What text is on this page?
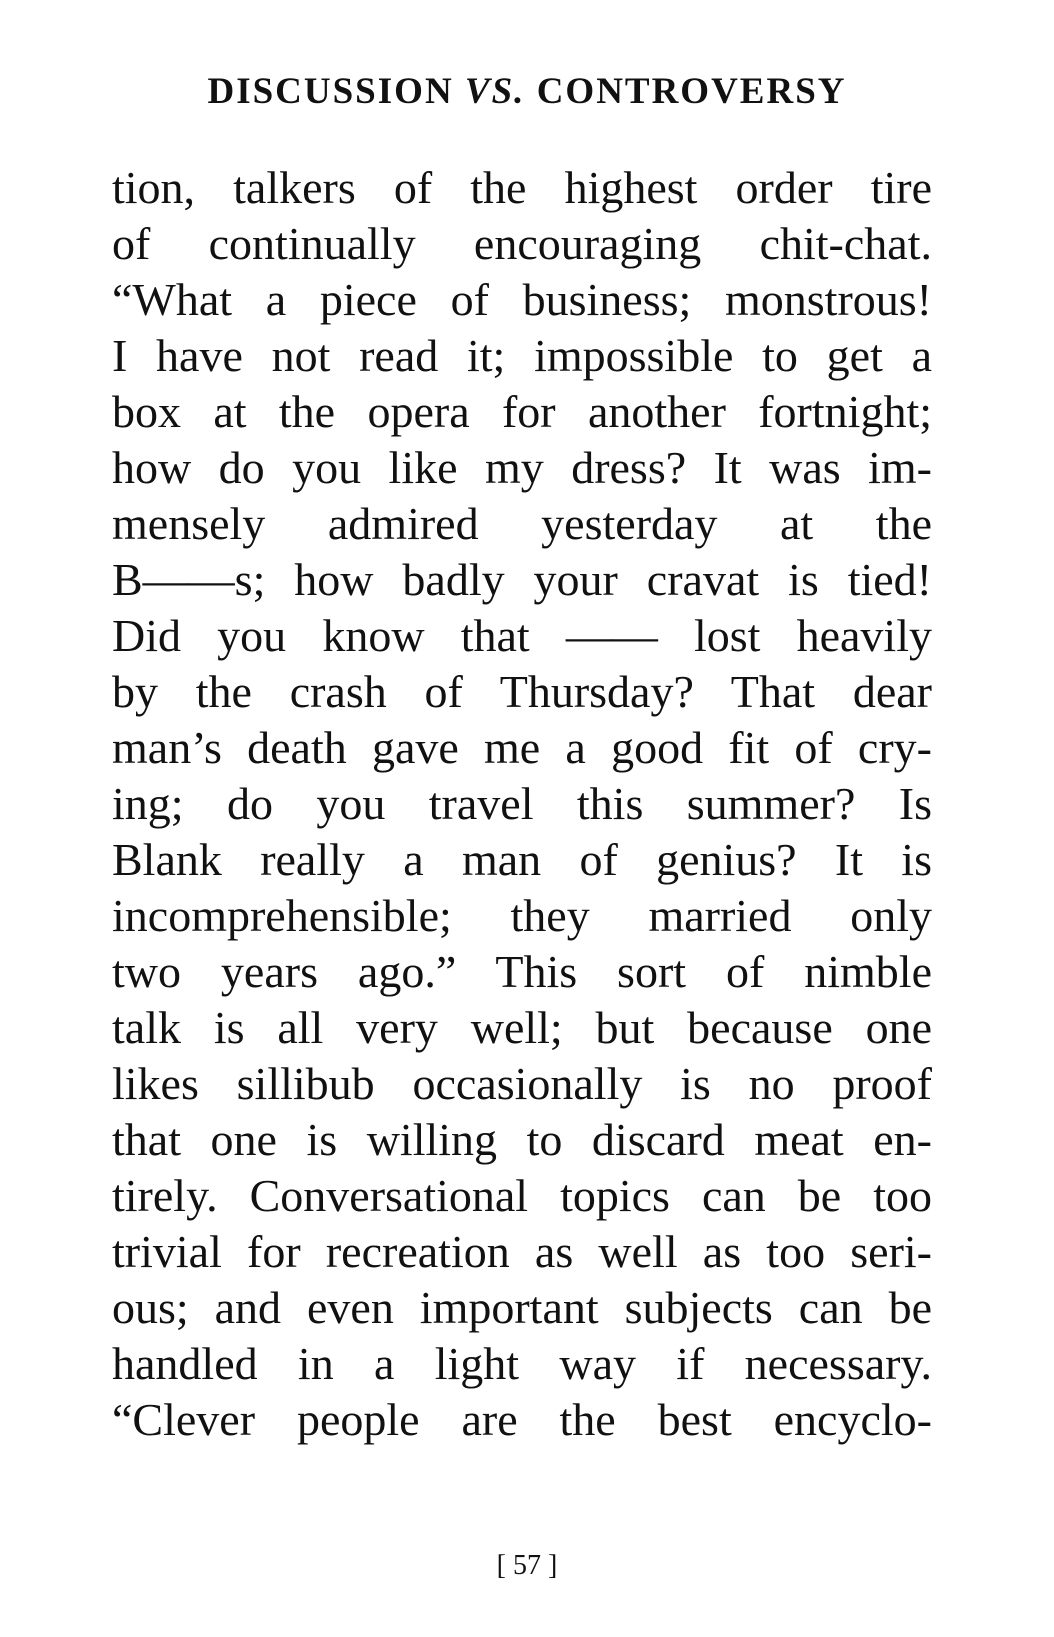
DISCUSSION VS. CONTROVERSY
tion, talkers of the highest order tire
of continually encouraging chit-chat.
“What a piece of business; monstrous!
I have not read it; impossible to get a
box at the opera for another fortnight;
how do you like my dress? It was im-
mensely admired yesterday at the
B——s; how badly your cravat is tied!
Did you know that —— lost heavily
by the crash of Thursday? That dear
man’s death gave me a good fit of cry-
ing; do you travel this summer? Is
Blank really a man of genius? It is
incomprehensible; they married only
two years ago.” This sort of nimble
talk is all very well; but because one
likes sillibub occasionally is no proof
that one is willing to discard meat en-
tirely. Conversational topics can be too
trivial for recreation as well as too seri-
ous; and even important subjects can be
handled in a light way if necessary.
“Clever people are the best encyclo-
[ 57 ]
